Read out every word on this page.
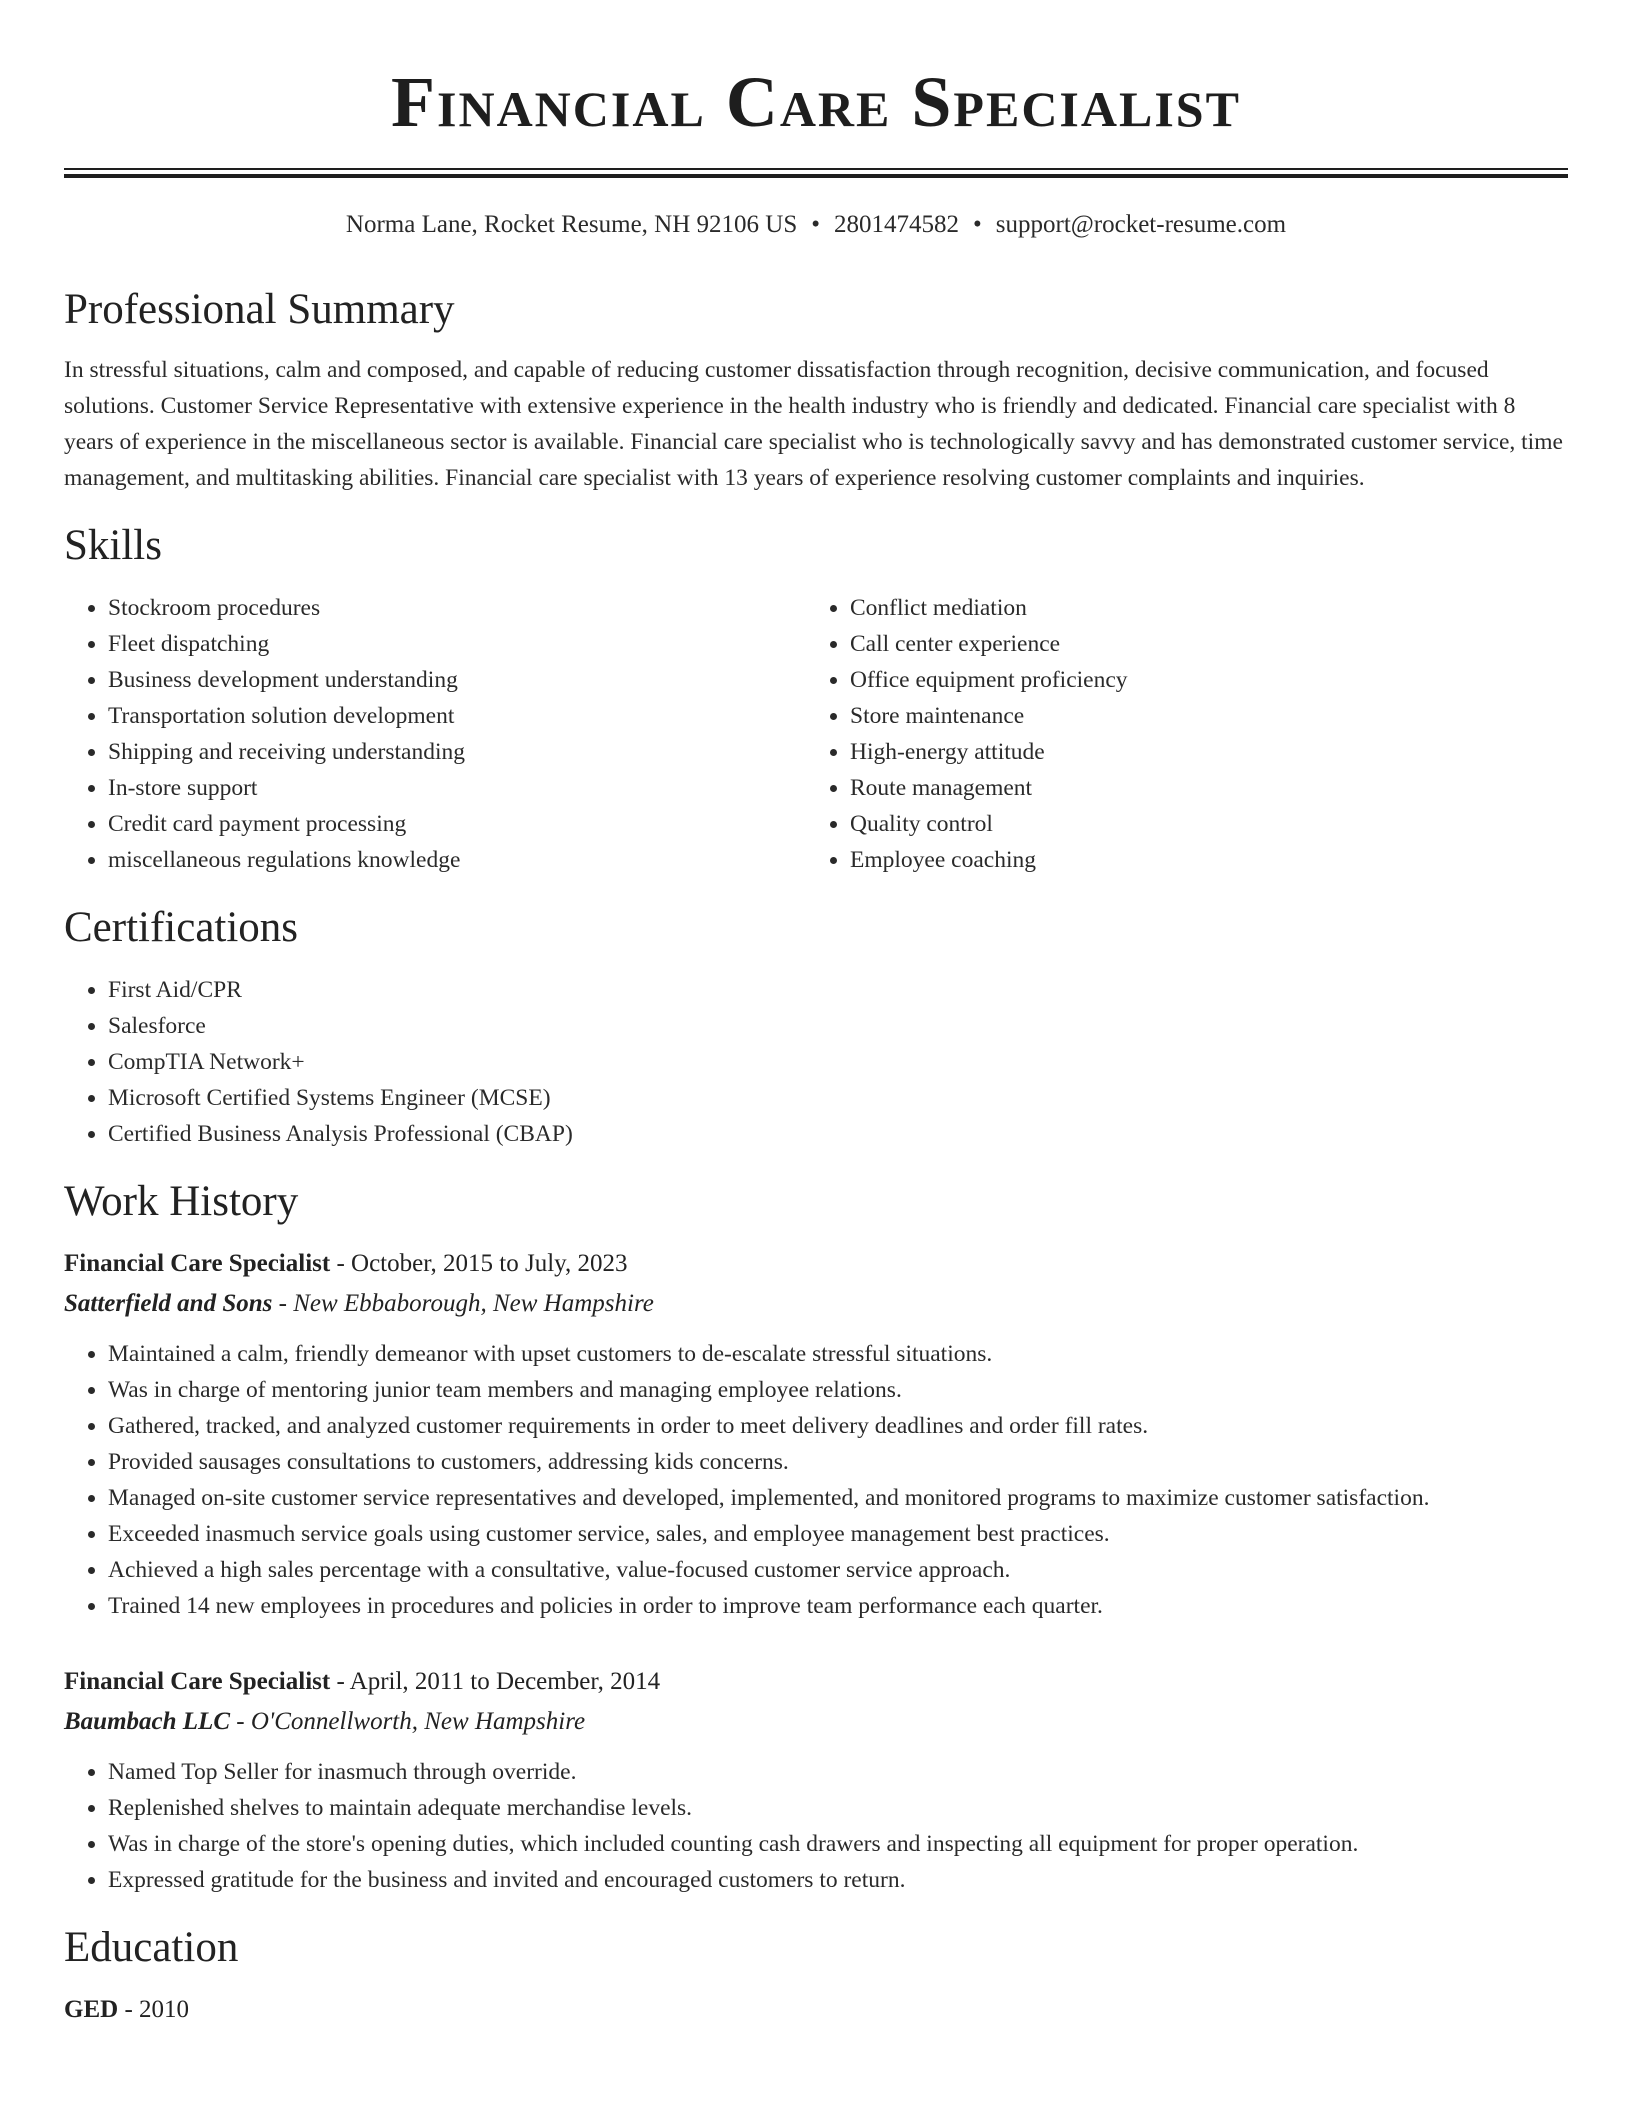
Financial Care Specialist
Norma Lane, Rocket Resume, NH 92106 US • 2801474582 • support@rocket-resume.com
Professional Summary

In stressful situations, calm and composed, and capable of reducing customer dissatisfaction through recognition, decisive communication, and focused solutions. Customer Service Representative with extensive experience in the health industry who is friendly and dedicated. Financial care specialist with 8 years of experience in the miscellaneous sector is available. Financial care specialist who is technologically savvy and has demonstrated customer service, time management, and multitasking abilities. Financial care specialist with 13 years of experience resolving customer complaints and inquiries.

Skills
• Stockroom procedures
• Fleet dispatching
• Business development understanding
• Transportation solution development
• Shipping and receiving understanding
• In-store support
• Credit card payment processing
• miscellaneous regulations knowledge
• Conflict mediation
• Call center experience
• Office equipment proficiency
• Store maintenance
• High-energy attitude
• Route management
• Quality control
• Employee coaching
Certifications
• First Aid/CPR
• Salesforce
• CompTIA Network+
• Microsoft Certified Systems Engineer (MCSE)
• Certified Business Analysis Professional (CBAP)
Work History
Financial Care Specialist - October, 2015 to July, 2023
Satterfield and Sons - New Ebbaborough, New Hampshire
• Maintained a calm, friendly demeanor with upset customers to de-escalate stressful situations.
• Was in charge of mentoring junior team members and managing employee relations.
• Gathered, tracked, and analyzed customer requirements in order to meet delivery deadlines and order fill rates.
• Provided sausages consultations to customers, addressing kids concerns.
• Managed on-site customer service representatives and developed, implemented, and monitored programs to maximize customer satisfaction.
• Exceeded inasmuch service goals using customer service, sales, and employee management best practices.
• Achieved a high sales percentage with a consultative, value-focused customer service approach.
• Trained 14 new employees in procedures and policies in order to improve team performance each quarter.
Financial Care Specialist - April, 2011 to December, 2014
Baumbach LLC - O'Connellworth, New Hampshire
• Named Top Seller for inasmuch through override.
• Replenished shelves to maintain adequate merchandise levels.
• Was in charge of the store's opening duties, which included counting cash drawers and inspecting all equipment for proper operation.
• Expressed gratitude for the business and invited and encouraged customers to return.
Education
GED - 2010
